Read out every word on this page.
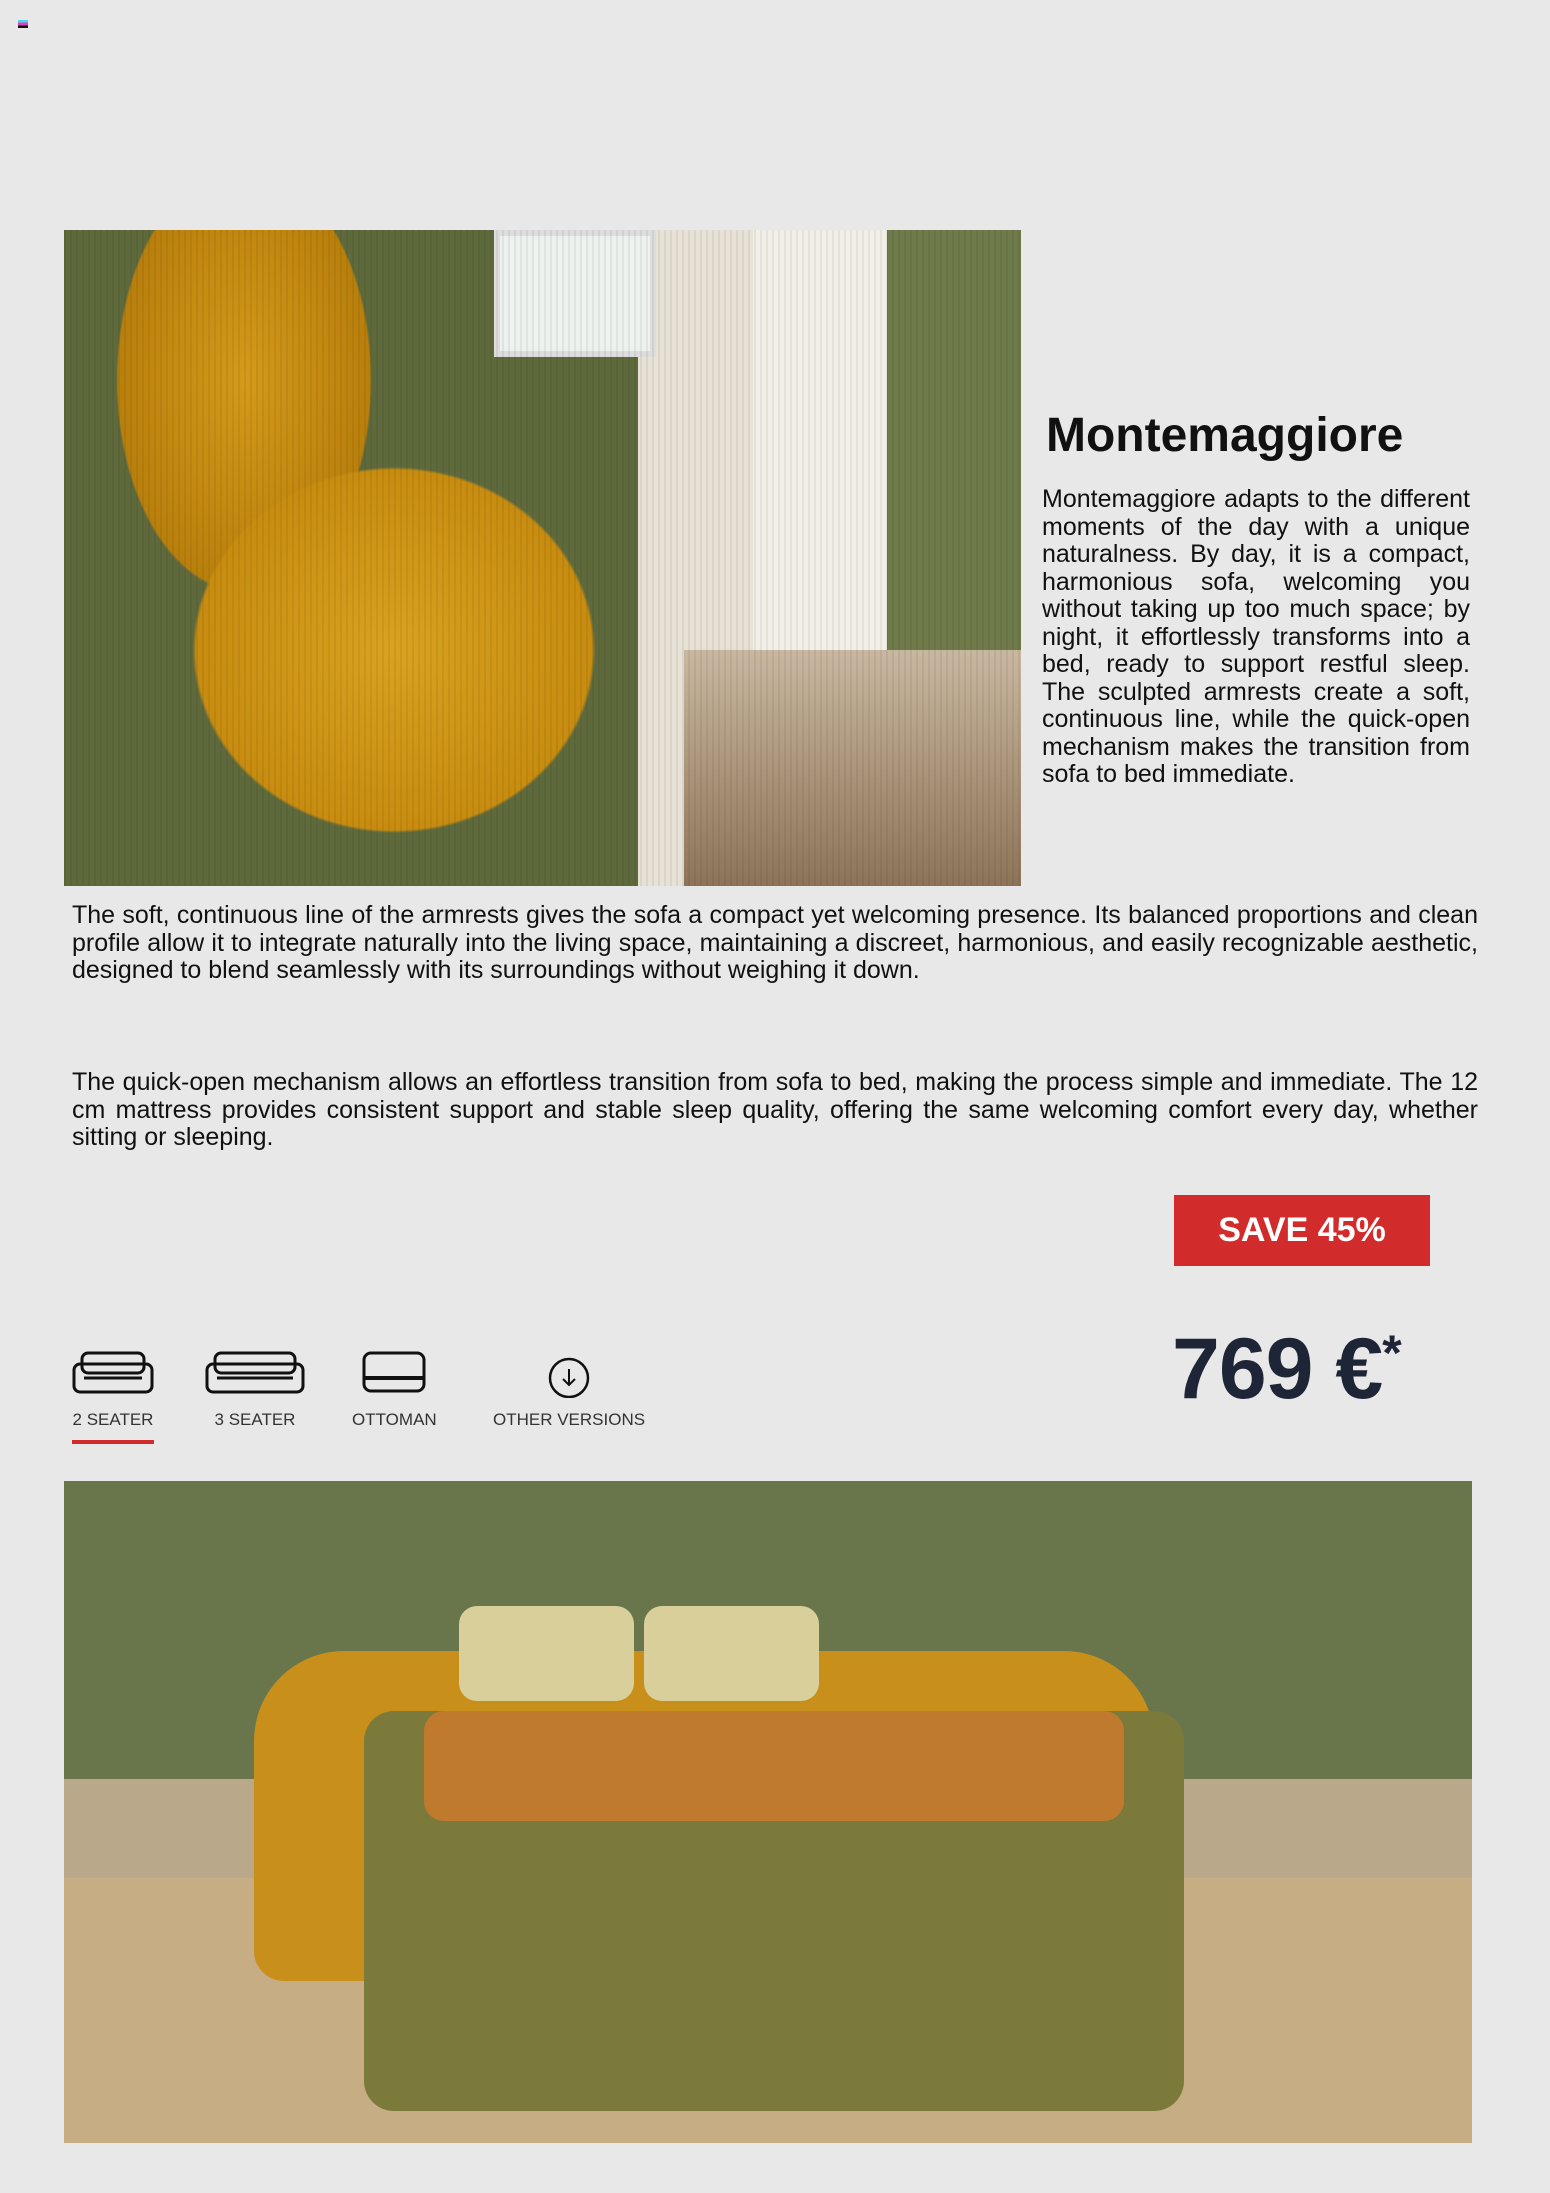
Montemaggiore

Montemaggiore adapts to the different moments of the day with a unique naturalness. By day, it is a compact, harmonious sofa, welcoming you without taking up too much space; by night, it effortlessly transforms into a bed, ready to support restful sleep. The sculpted armrests create a soft, continuous line, while the quick-open mechanism makes the transition from sofa to bed immediate.

The soft, continuous line of the armrests gives the sofa a compact yet welcoming presence. Its balanced proportions and clean profile allow it to integrate naturally into the living space, maintaining a discreet, harmonious, and easily recognizable aesthetic, designed to blend seamlessly with its surroundings without weighing it down.

The quick-open mechanism allows an effortless transition from sofa to bed, making the process simple and immediate. The 12 cm mattress provides consistent support and stable sleep quality, offering the same welcoming comfort every day, whether sitting or sleeping.

SAVE 45%
769 €*
2 SEATER	3 SEATER	OTTOMAN	OTHER VERSIONS
